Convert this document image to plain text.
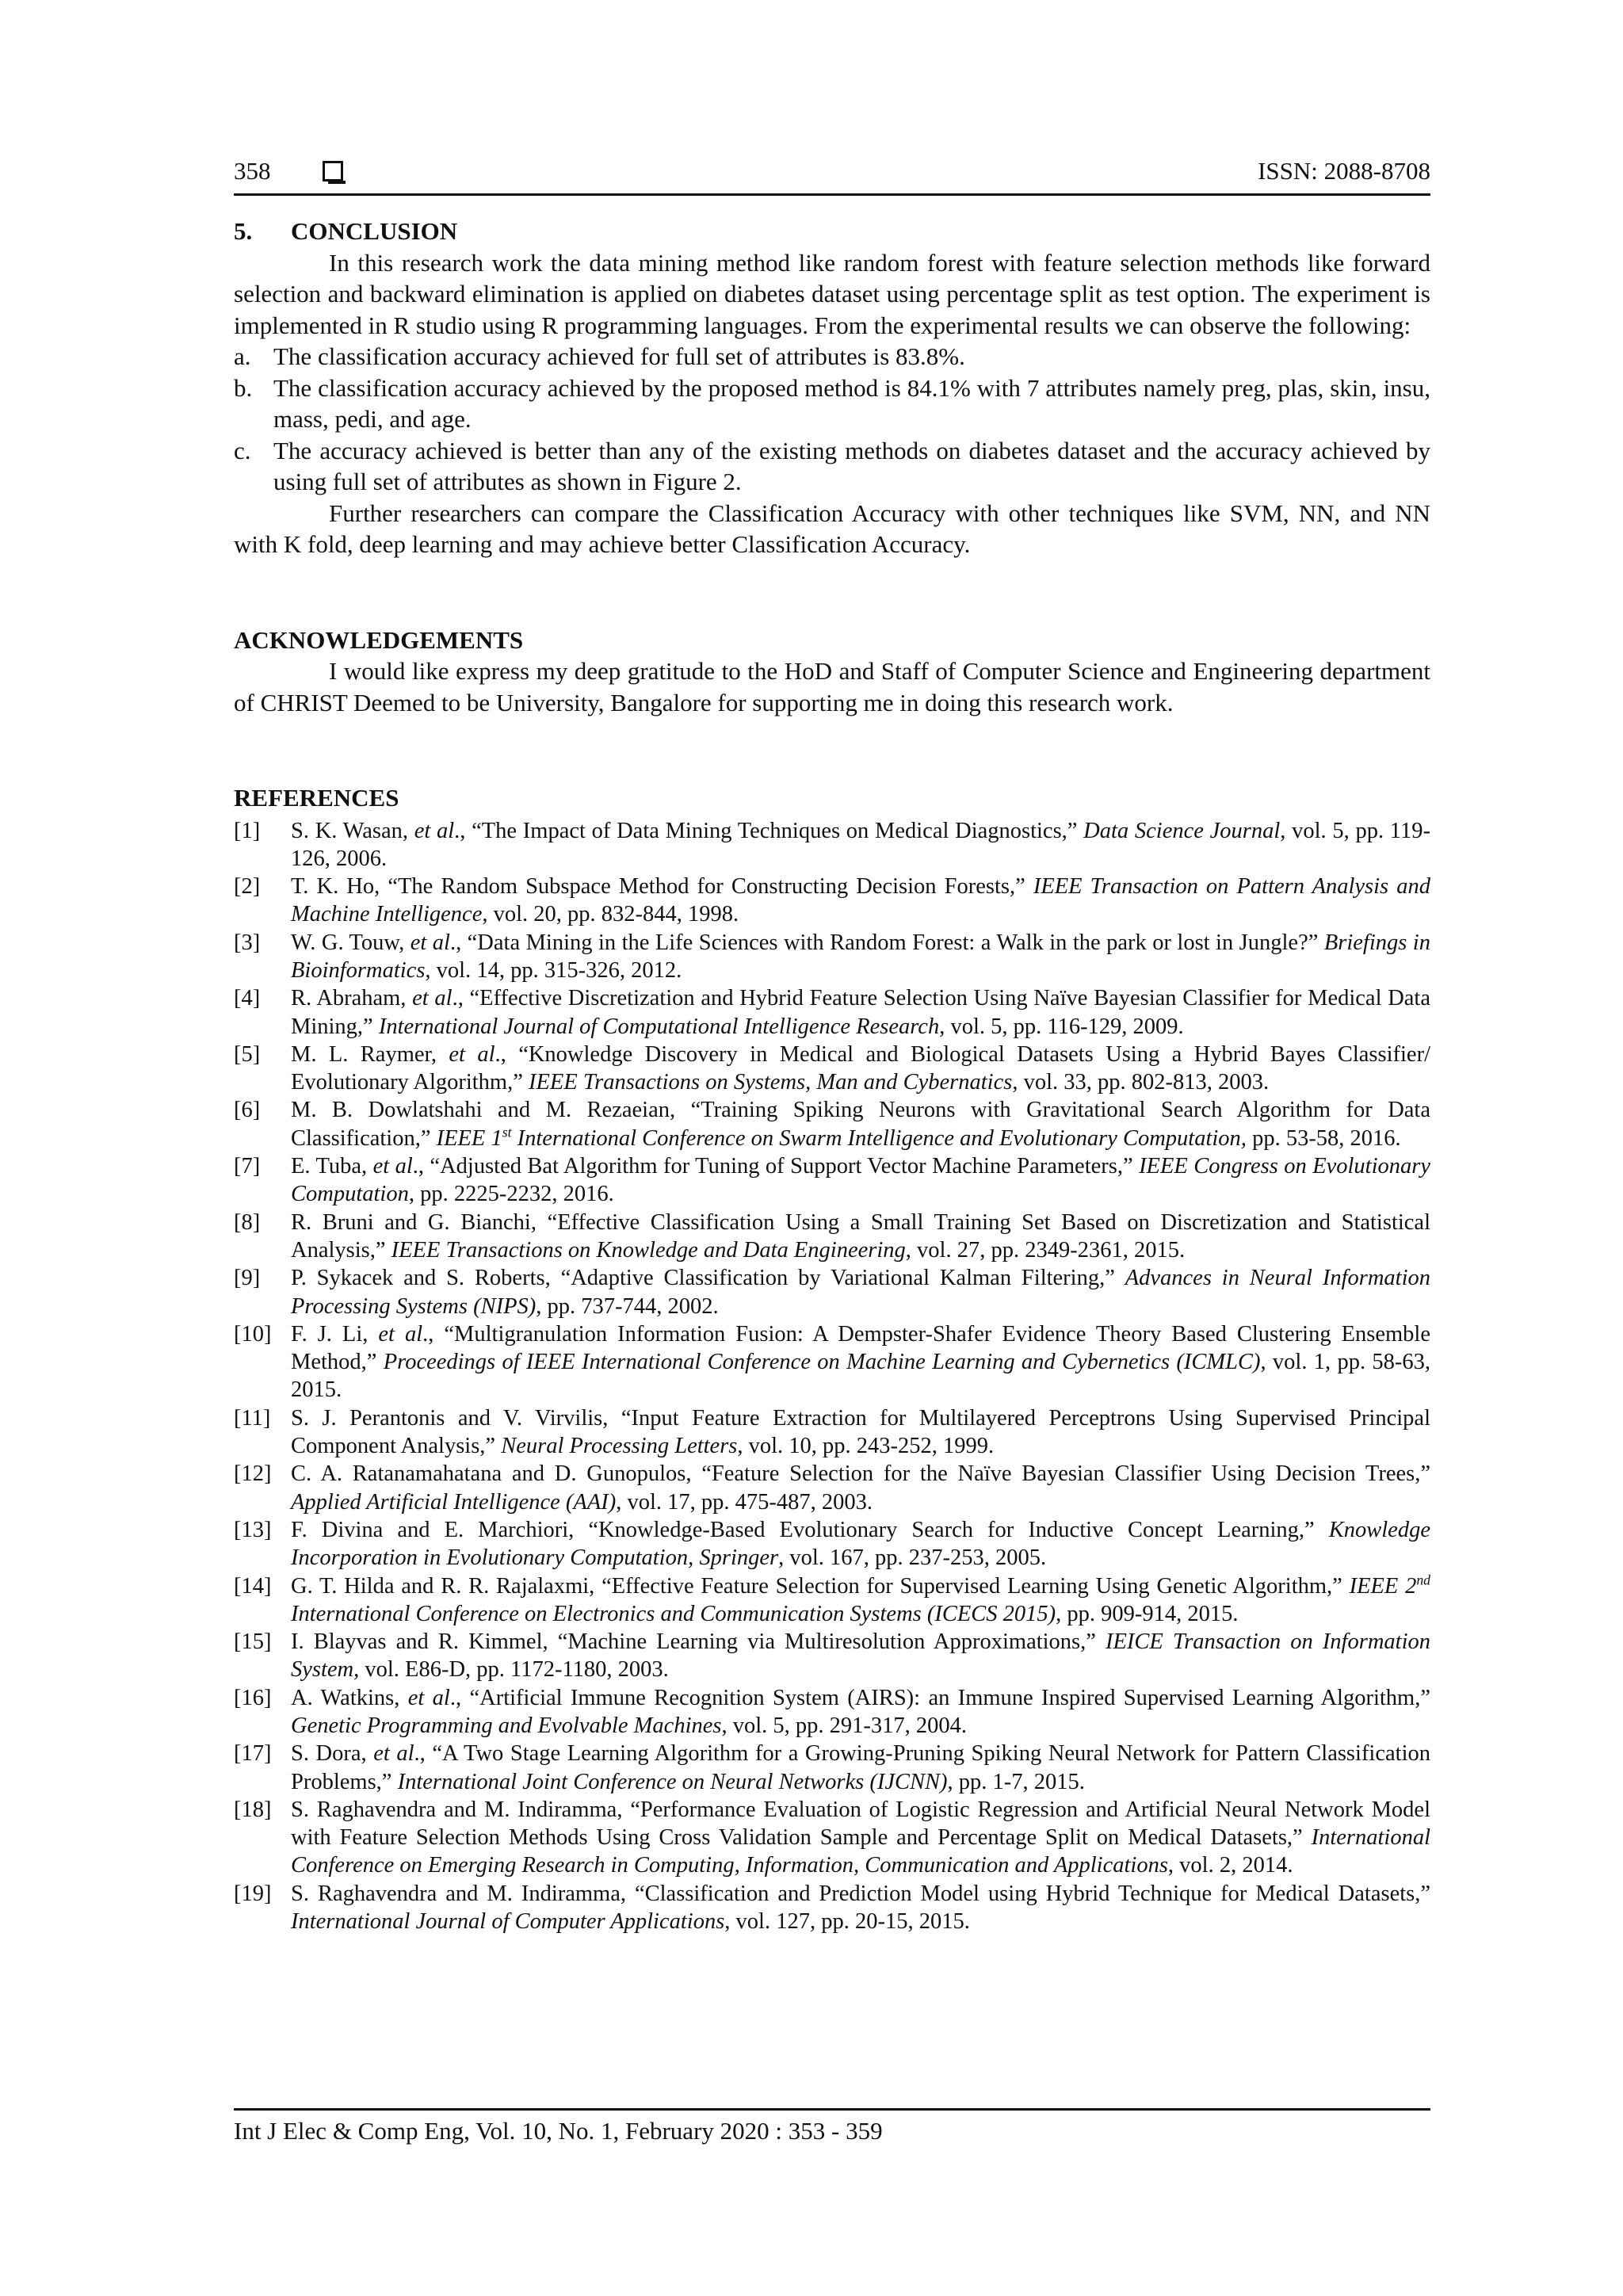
358	ISSN: 2088-8708
5. CONCLUSION

In this research work the data mining method like random forest with feature selection methods like forward selection and backward elimination is applied on diabetes dataset using percentage split as test option. The experiment is implemented in R studio using R programming languages. From the experimental results we can observe the following:

a. The classification accuracy achieved for full set of attributes is 83.8%.
b. The classification accuracy achieved by the proposed method is 84.1% with 7 attributes namely preg, plas, skin, insu, mass, pedi, and age.
c. The accuracy achieved is better than any of the existing methods on diabetes dataset and the accuracy achieved by using full set of attributes as shown in Figure 2.

Further researchers can compare the Classification Accuracy with other techniques like SVM, NN, and NN with K fold, deep learning and may achieve better Classification Accuracy.

ACKNOWLEDGEMENTS

I would like express my deep gratitude to the HoD and Staff of Computer Science and Engineering department of CHRIST Deemed to be University, Bangalore for supporting me in doing this research work.

REFERENCES
[1] S. K. Wasan, et al., “The Impact of Data Mining Techniques on Medical Diagnostics,” Data Science Journal, vol. 5, pp. 119-126, 2006.
[2] T. K. Ho, “The Random Subspace Method for Constructing Decision Forests,” IEEE Transaction on Pattern Analysis and Machine Intelligence, vol. 20, pp. 832-844, 1998.
[3] W. G. Touw, et al., “Data Mining in the Life Sciences with Random Forest: a Walk in the park or lost in Jungle?” Briefings in Bioinformatics, vol. 14, pp. 315-326, 2012.
[4] R. Abraham, et al., “Effective Discretization and Hybrid Feature Selection Using Naïve Bayesian Classifier for Medical Data Mining,” International Journal of Computational Intelligence Research, vol. 5, pp. 116-129, 2009.
[5] M. L. Raymer, et al., “Knowledge Discovery in Medical and Biological Datasets Using a Hybrid Bayes Classifier/ Evolutionary Algorithm,” IEEE Transactions on Systems, Man and Cybernatics, vol. 33, pp. 802-813, 2003.
[6] M. B. Dowlatshahi and M. Rezaeian, “Training Spiking Neurons with Gravitational Search Algorithm for Data Classification,” IEEE 1st International Conference on Swarm Intelligence and Evolutionary Computation, pp. 53-58, 2016.
[7] E. Tuba, et al., “Adjusted Bat Algorithm for Tuning of Support Vector Machine Parameters,” IEEE Congress on Evolutionary Computation, pp. 2225-2232, 2016.
[8] R. Bruni and G. Bianchi, “Effective Classification Using a Small Training Set Based on Discretization and Statistical Analysis,” IEEE Transactions on Knowledge and Data Engineering, vol. 27, pp. 2349-2361, 2015.
[9] P. Sykacek and S. Roberts, “Adaptive Classification by Variational Kalman Filtering,” Advances in Neural Information Processing Systems (NIPS), pp. 737-744, 2002.
[10] F. J. Li, et al., “Multigranulation Information Fusion: A Dempster-Shafer Evidence Theory Based Clustering Ensemble Method,” Proceedings of IEEE International Conference on Machine Learning and Cybernetics (ICMLC), vol. 1, pp. 58-63, 2015.
[11] S. J. Perantonis and V. Virvilis, “Input Feature Extraction for Multilayered Perceptrons Using Supervised Principal Component Analysis,” Neural Processing Letters, vol. 10, pp. 243-252, 1999.
[12] C. A. Ratanamahatana and D. Gunopulos, “Feature Selection for the Naïve Bayesian Classifier Using Decision Trees,” Applied Artificial Intelligence (AAI), vol. 17, pp. 475-487, 2003.
[13] F. Divina and E. Marchiori, “Knowledge-Based Evolutionary Search for Inductive Concept Learning,” Knowledge Incorporation in Evolutionary Computation, Springer, vol. 167, pp. 237-253, 2005.
[14] G. T. Hilda and R. R. Rajalaxmi, “Effective Feature Selection for Supervised Learning Using Genetic Algorithm,” IEEE 2nd International Conference on Electronics and Communication Systems (ICECS 2015), pp. 909-914, 2015.
[15] I. Blayvas and R. Kimmel, “Machine Learning via Multiresolution Approximations,” IEICE Transaction on Information System, vol. E86-D, pp. 1172-1180, 2003.
[16] A. Watkins, et al., “Artificial Immune Recognition System (AIRS): an Immune Inspired Supervised Learning Algorithm,” Genetic Programming and Evolvable Machines, vol. 5, pp. 291-317, 2004.
[17] S. Dora, et al., “A Two Stage Learning Algorithm for a Growing-Pruning Spiking Neural Network for Pattern Classification Problems,” International Joint Conference on Neural Networks (IJCNN), pp. 1-7, 2015.
[18] S. Raghavendra and M. Indiramma, “Performance Evaluation of Logistic Regression and Artificial Neural Network Model with Feature Selection Methods Using Cross Validation Sample and Percentage Split on Medical Datasets,” International Conference on Emerging Research in Computing, Information, Communication and Applications, vol. 2, 2014.
[19] S. Raghavendra and M. Indiramma, “Classification and Prediction Model using Hybrid Technique for Medical Datasets,” International Journal of Computer Applications, vol. 127, pp. 20-15, 2015.
Int J Elec & Comp Eng, Vol. 10, No. 1, February 2020 : 353 - 359
